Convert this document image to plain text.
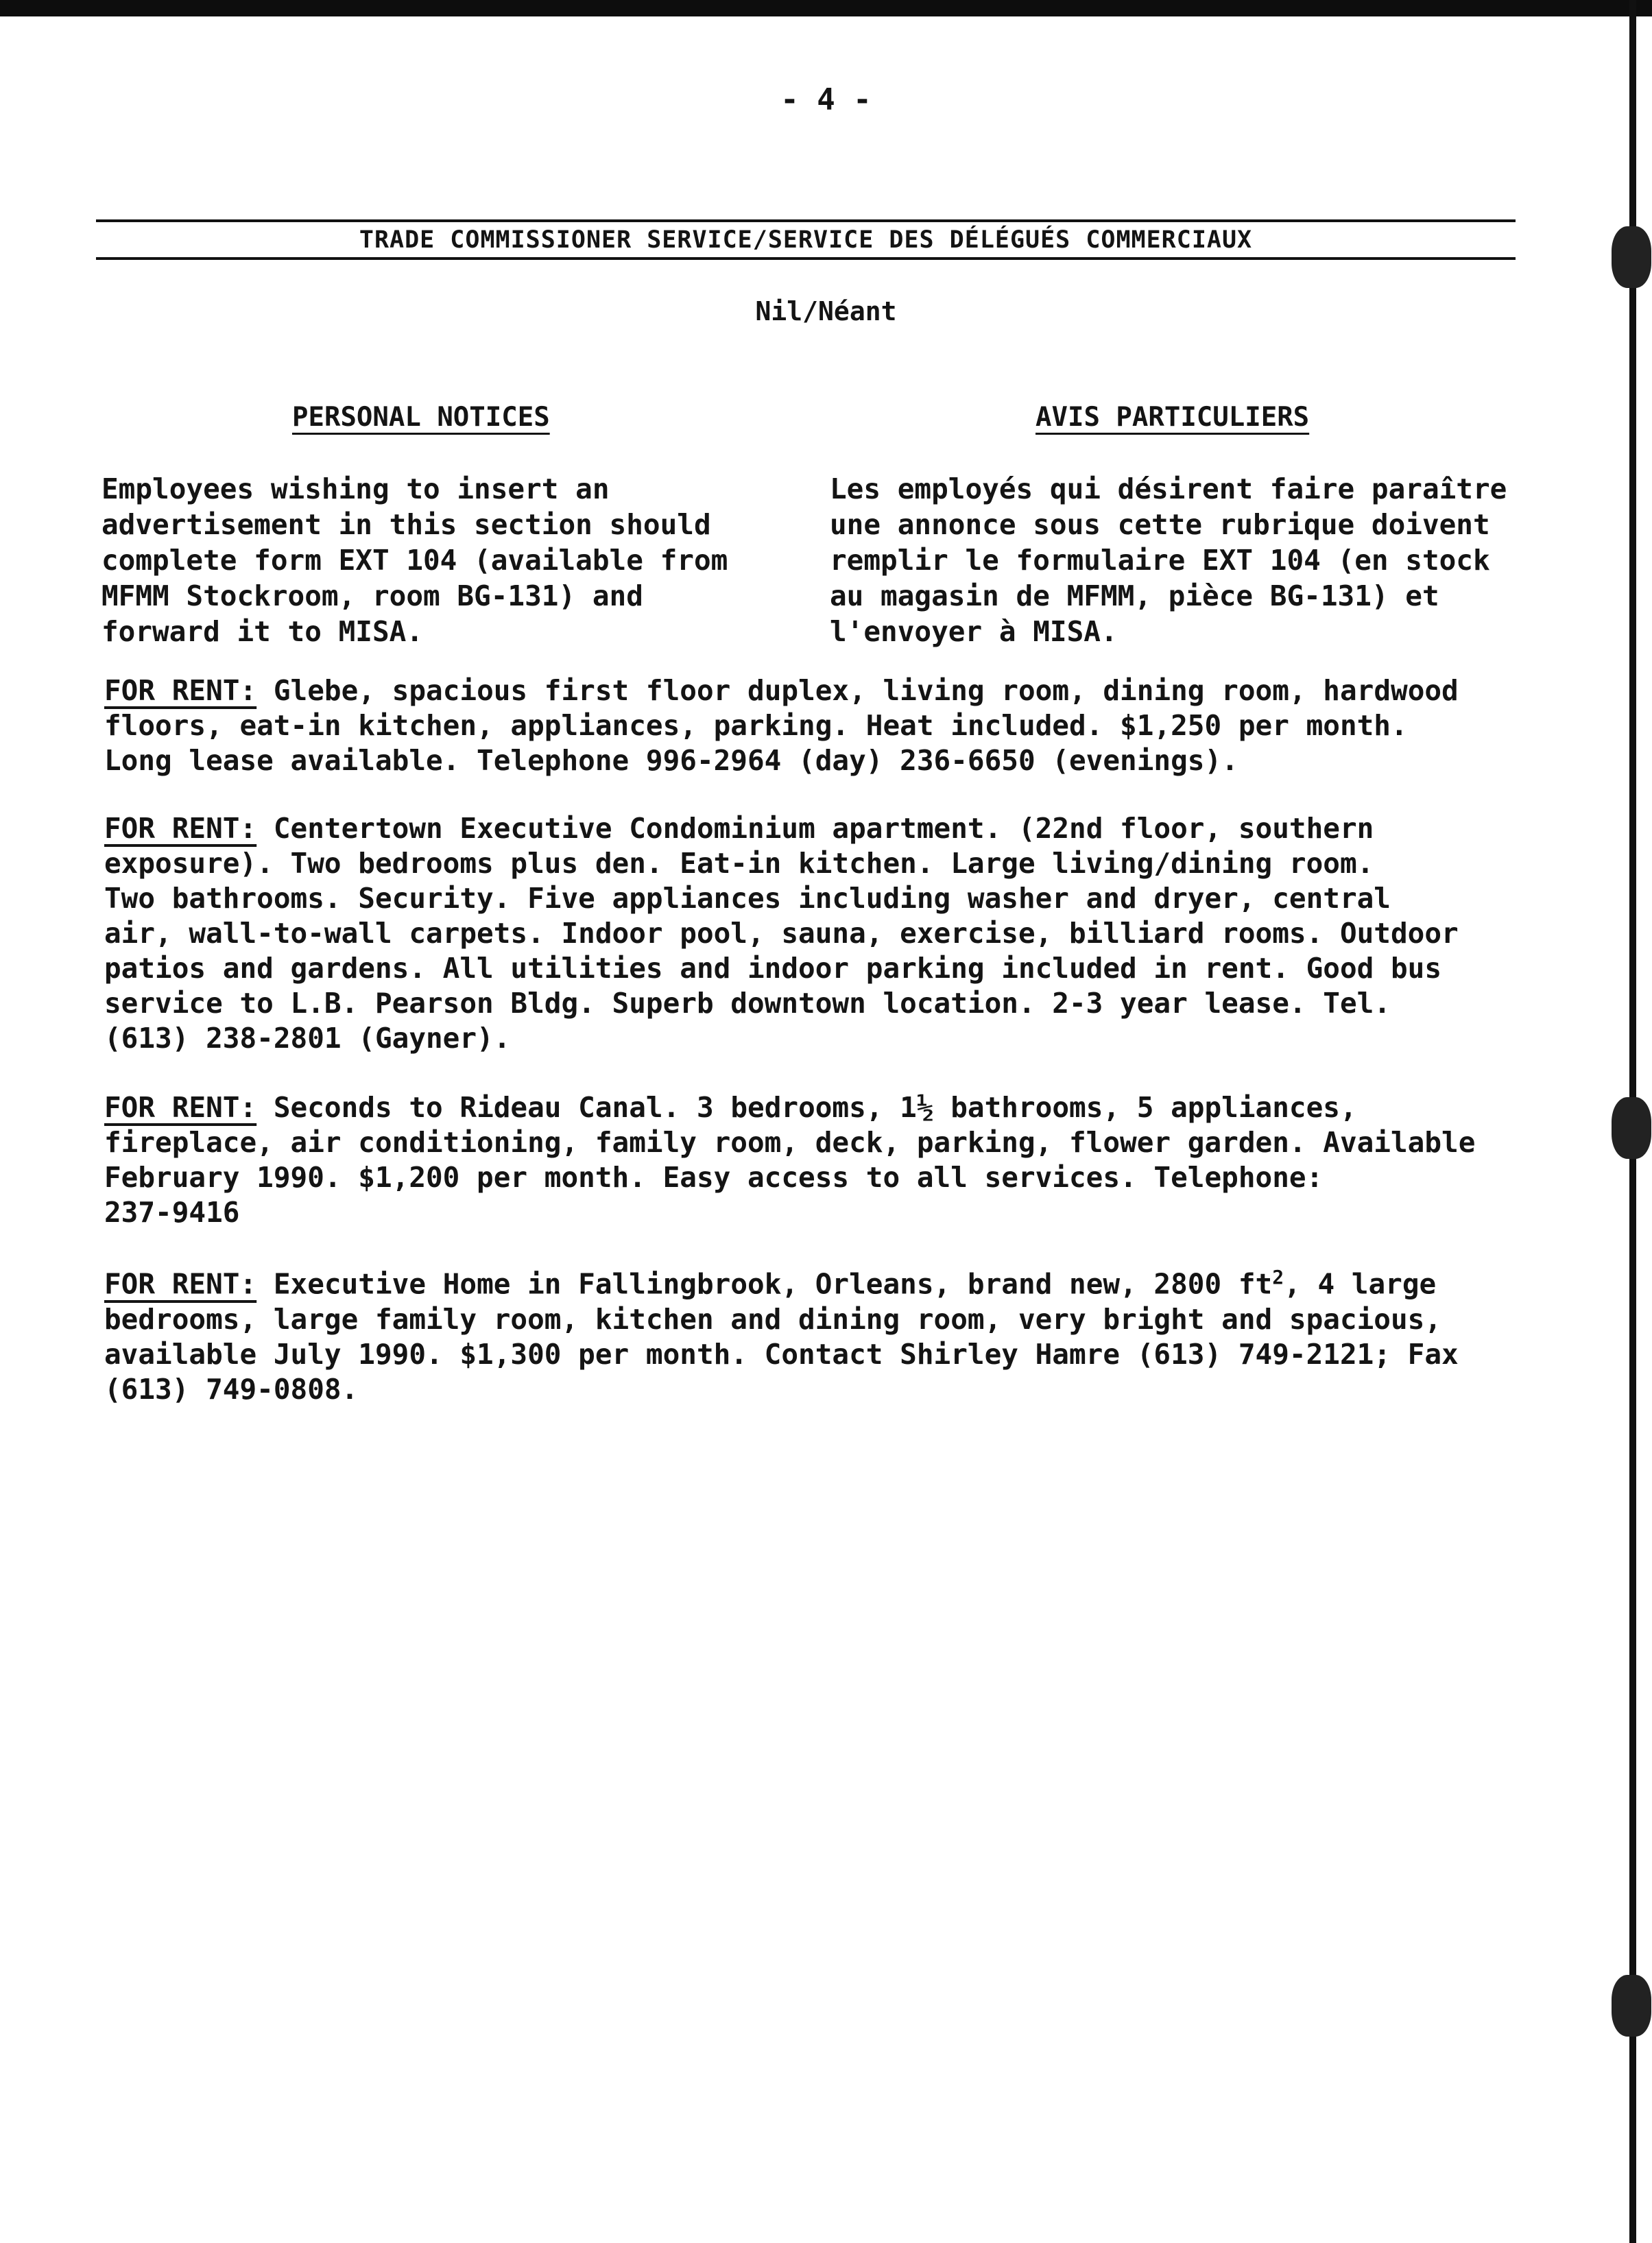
- 4 -
TRADE COMMISSIONER SERVICE/SERVICE DES DÉLÉGUÉS COMMERCIAUX
Nil/Néant
PERSONAL NOTICES	AVIS PARTICULIERS
Employees wishing to insert an
advertisement in this section should
complete form EXT 104 (available from
MFMM Stockroom, room BG-131) and
forward it to MISA.
Les employés qui désirent faire paraître
une annonce sous cette rubrique doivent
remplir le formulaire EXT 104 (en stock
au magasin de MFMM, pièce BG-131) et
l'envoyer à MISA.
FOR RENT: Glebe, spacious first floor duplex, living room, dining room, hardwood
floors, eat-in kitchen, appliances, parking. Heat included. $1,250 per month.
Long lease available. Telephone 996-2964 (day) 236-6650 (evenings).
FOR RENT: Centertown Executive Condominium apartment. (22nd floor, southern
exposure). Two bedrooms plus den. Eat-in kitchen. Large living/dining room.
Two bathrooms. Security. Five appliances including washer and dryer, central
air, wall-to-wall carpets. Indoor pool, sauna, exercise, billiard rooms. Outdoor
patios and gardens. All utilities and indoor parking included in rent. Good bus
service to L.B. Pearson Bldg. Superb downtown location. 2-3 year lease. Tel.
(613) 238-2801 (Gayner).
FOR RENT: Seconds to Rideau Canal. 3 bedrooms, 1½ bathrooms, 5 appliances,
fireplace, air conditioning, family room, deck, parking, flower garden. Available
February 1990. $1,200 per month. Easy access to all services. Telephone:
237-9416
FOR RENT: Executive Home in Fallingbrook, Orleans, brand new, 2800 $ft^2$, 4 large
bedrooms, large family room, kitchen and dining room, very bright and spacious,
available July 1990. $1,300 per month. Contact Shirley Hamre (613) 749-2121; Fax
(613) 749-0808.
